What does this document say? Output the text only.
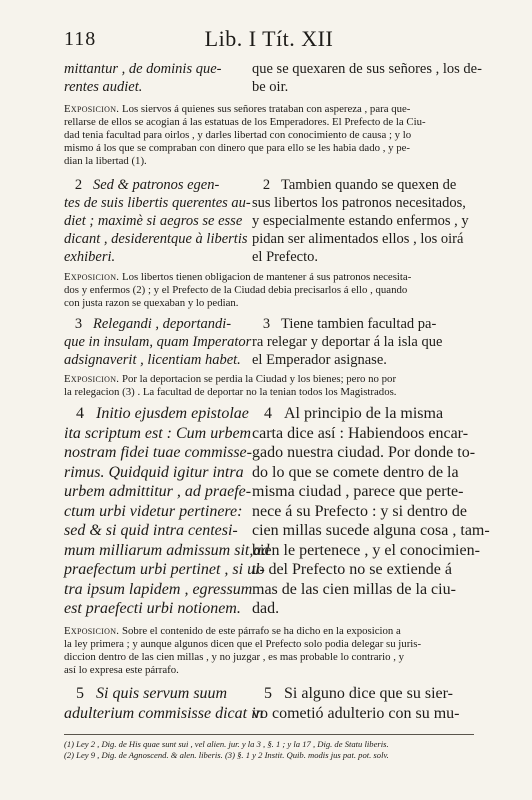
118	Lib. I Tít. XII
mittantur , de dominis que-
rentes audiet.
que se quexaren de sus señores , los de-
be oir.
Exposicion. Los siervos á quienes sus señores trataban con aspereza , para que-
rellarse de ellos se acogian á las estatuas de los Emperadores. El Prefecto de la Ciu-
dad tenia facultad para oirlos , y darles libertad con conocimiento de causa ; y lo
mismo á los que se compraban con dinero que para ello se les habia dado , y pe-
dian la libertad (1).
2 Sed & patronos egen-
tes de suis libertis querentes au-
diet ; maximè si aegros se esse
dicant , desiderentque à libertis
exhiberi.
2 Tambien quando se quexen de
sus libertos los patronos necesitados,
y especialmente estando enfermos , y
pidan ser alimentados ellos , los oirá
el Prefecto.
Exposicion. Los libertos tienen obligacion de mantener á sus patronos necesita-
dos y enfermos (2) ; y el Prefecto de la Ciudad debia precisarlos á ello , quando
con justa razon se quexaban y lo pedian.
3 Relegandi , deportandi-
que in insulam, quam Imperator
adsignaverit , licentiam habet.
3 Tiene tambien facultad pa-
ra relegar y deportar á la isla que
el Emperador asignase.
Exposicion. Por la deportacion se perdia la Ciudad y los bienes; pero no por
la relegacion (3) . La facultad de deportar no la tenian todos los Magistrados.
4 Initio ejusdem epistolae
ita scriptum est : Cum urbem
nostram fidei tuae commisse-
rimus. Quidquid igitur intra
urbem admittitur , ad praefe-
ctum urbi videtur pertinere:
sed & si quid intra centesi-
mum milliarum admissum sit,ad
praefectum urbi pertinet , si ul-
tra ipsum lapidem , egressum
est praefecti urbi notionem.
4 Al principio de la misma
carta dice así : Habiendoos encar-
gado nuestra ciudad. Por donde to-
do lo que se comete dentro de la
misma ciudad , parece que perte-
nece á su Prefecto : y si dentro de
cien millas sucede alguna cosa , tam-
bien le pertenece , y el conocimien-
to del Prefecto no se extiende á
mas de las cien millas de la ciu-
dad.
Exposicion. Sobre el contenido de este párrafo se ha dicho en la exposicion a
la ley primera ; y aunque algunos dicen que el Prefecto solo podia delegar su juris-
diccion dentro de las cien millas , y no juzgar , es mas probable lo contrario , y
así lo expresa este párrafo.
5 Si quis servum suum
adulterium commisisse dicat in
5 Si alguno dice que su sier-
vo cometió adulterio con su mu-
(1) Ley 2 , Dig. de His quae sunt sui , vel alien. jur. y la 3 , §. 1 ; y la 17 , Dig. de Statu liberis.
(2) Ley 9 , Dig. de Agnoscend. & alen. liberis. (3) §. 1 y 2 Instit. Quib. modis jus pat. pot. solv.
